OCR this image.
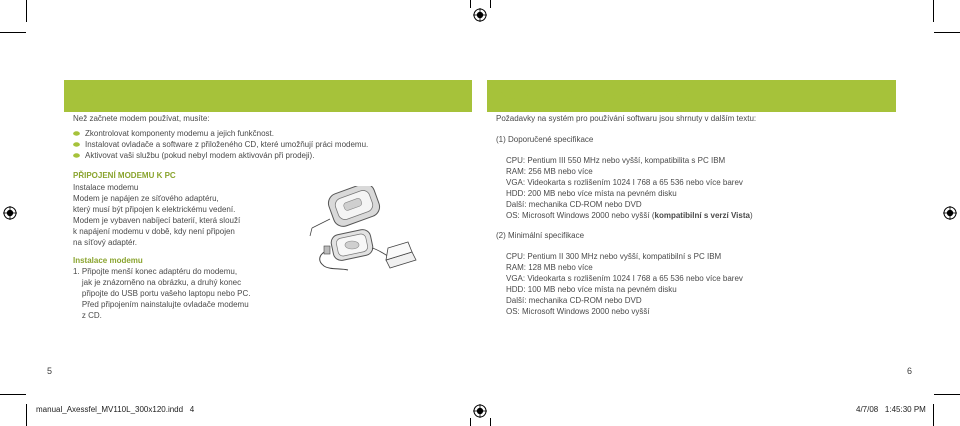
START
Než začnete modem používat, musíte:
Zkontrolovat komponenty modemu a jejich funkčnost.
Instalovat ovladače a software z přiloženého CD, které umožňují práci modemu.
Aktivovat vaši službu (pokud nebyl modem aktivován při prodeji).
PŘIPOJENÍ MODEMU K PC
Instalace modemu
Modem je napájen ze síťového adaptéru,
který musí být připojen k elektrickému vedení.
Modem je vybaven nabíjecí baterií, která slouží
k napájení modemu v době, kdy není připojen
na síťový adaptér.
Instalace modemu
1. Připojte menší konec adaptéru do modemu,
jak je znázorněno na obrázku, a druhý konec
připojte do USB portu vašeho laptopu nebo PC.
Před připojením nainstalujte ovladače modemu
z CD.
5
INSTALACE SOFTWARU MODEMU
Požadavky na systém pro používání softwaru jsou shrnuty v dalším textu:
(1) Doporučené specifikace
CPU: Pentium III 550 MHz nebo vyšší, kompatibilita s PC IBM
RAM: 256 MB nebo více
VGA: Videokarta s rozlišením 1024 I 768 a 65 536 nebo více barev
HDD: 200 MB nebo více místa na pevném disku
Další: mechanika CD-ROM nebo DVD
OS: Microsoft Windows 2000 nebo vyšší (kompatibilní s verzí Vista)
(2) Minimální specifikace
CPU: Pentium II 300 MHz nebo vyšší, kompatibilní s PC IBM
RAM: 128 MB nebo více
VGA: Videokarta s rozlišením 1024 I 768 a 65 536 nebo více barev
HDD: 100 MB nebo více místa na pevném disku
Další: mechanika CD-ROM nebo DVD
OS: Microsoft Windows 2000 nebo vyšší
6
manual_Axessfel_MV110L_300x120.indd   4	4/7/08   1:45:30 PM
